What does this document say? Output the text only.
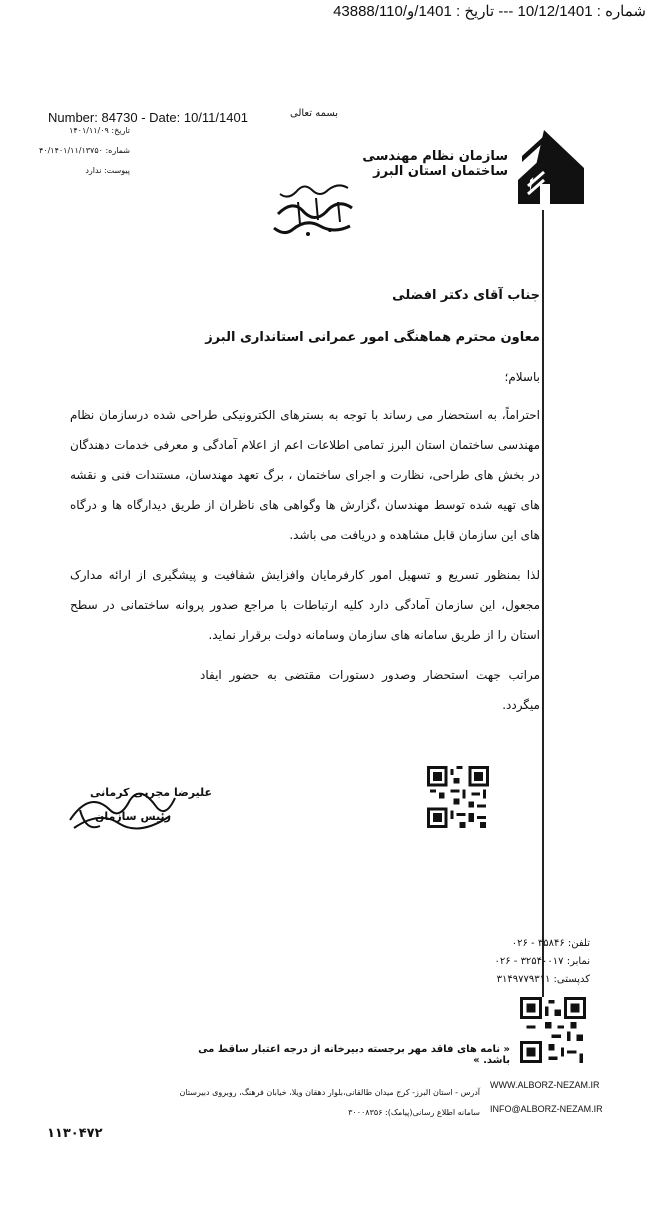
شماره : 10/12/1401 --- تاریخ : 1401/و/43888/110
Number: 84730 - Date: 10/11/1401
تاریخ: ۱۴۰۱/۱۱/۰۹
شماره: ۴۰/۱۴۰۱/۱۱/۱۳۷۵۰
پیوست: ندارد
بسمه تعالی
سازمان نظام مهندسی ساختمان استان البرز
جناب آقای دکتر افضلی
معاون محترم هماهنگی امور عمرانی استانداری البرز
باسلام؛
احتراماً، به استحضار می رساند با توجه به بسترهای الکترونیکی طراحی شده درسازمان نظام مهندسی ساختمان استان البرز تمامی اطلاعات اعم از اعلام آمادگی و معرفی خدمات دهندگان در بخش های طراحی، نظارت و اجرای ساختمان ، برگ تعهد مهندسان، مستندات فنی و نقشه های تهیه شده توسط مهندسان ،گزارش ها وگواهی های ناظران از طریق دیدارگاه ها و درگاه های این سازمان قابل مشاهده و دریافت می باشد.
لذا بمنظور تسریع و تسهیل امور کارفرمایان وافزایش شفافیت و پیشگیری از ارائه مدارک مجعول، این سازمان آمادگی دارد کلیه ارتباطات با مراجع صدور پروانه ساختمانی در سطح استان را از طریق سامانه های سازمان وسامانه دولت برقرار نماید.
مراتب جهت استحضار وصدور دستورات مقتضی به حضور ایفاد میگردد.
علیرضا مجربی کرمانی
رئیس سازمان
تلفن: ۳۵۸۴۶ - ۰۲۶
نمابر: ۳۲۵۴۰۰۱۷ - ۰۲۶
کدپستی: ۳۱۴۹۷۷۹۳۱۱
« نامه های فاقد مهر برجسته دبیرخانه از درجه اعتبار ساقط می باشد. »
آدرس - استان البرز- کرج میدان طالقانی،بلوار دهقان ویلا، خیابان فرهنگ، روبروی دبیرستان
سامانه اطلاع رسانی(پیامک): ۳۰۰۰۸۳۵۶
WWW.ALBORZ-NEZAM.IR
INFO@ALBORZ-NEZAM.IR
۱۱۳۰۴۷۲
